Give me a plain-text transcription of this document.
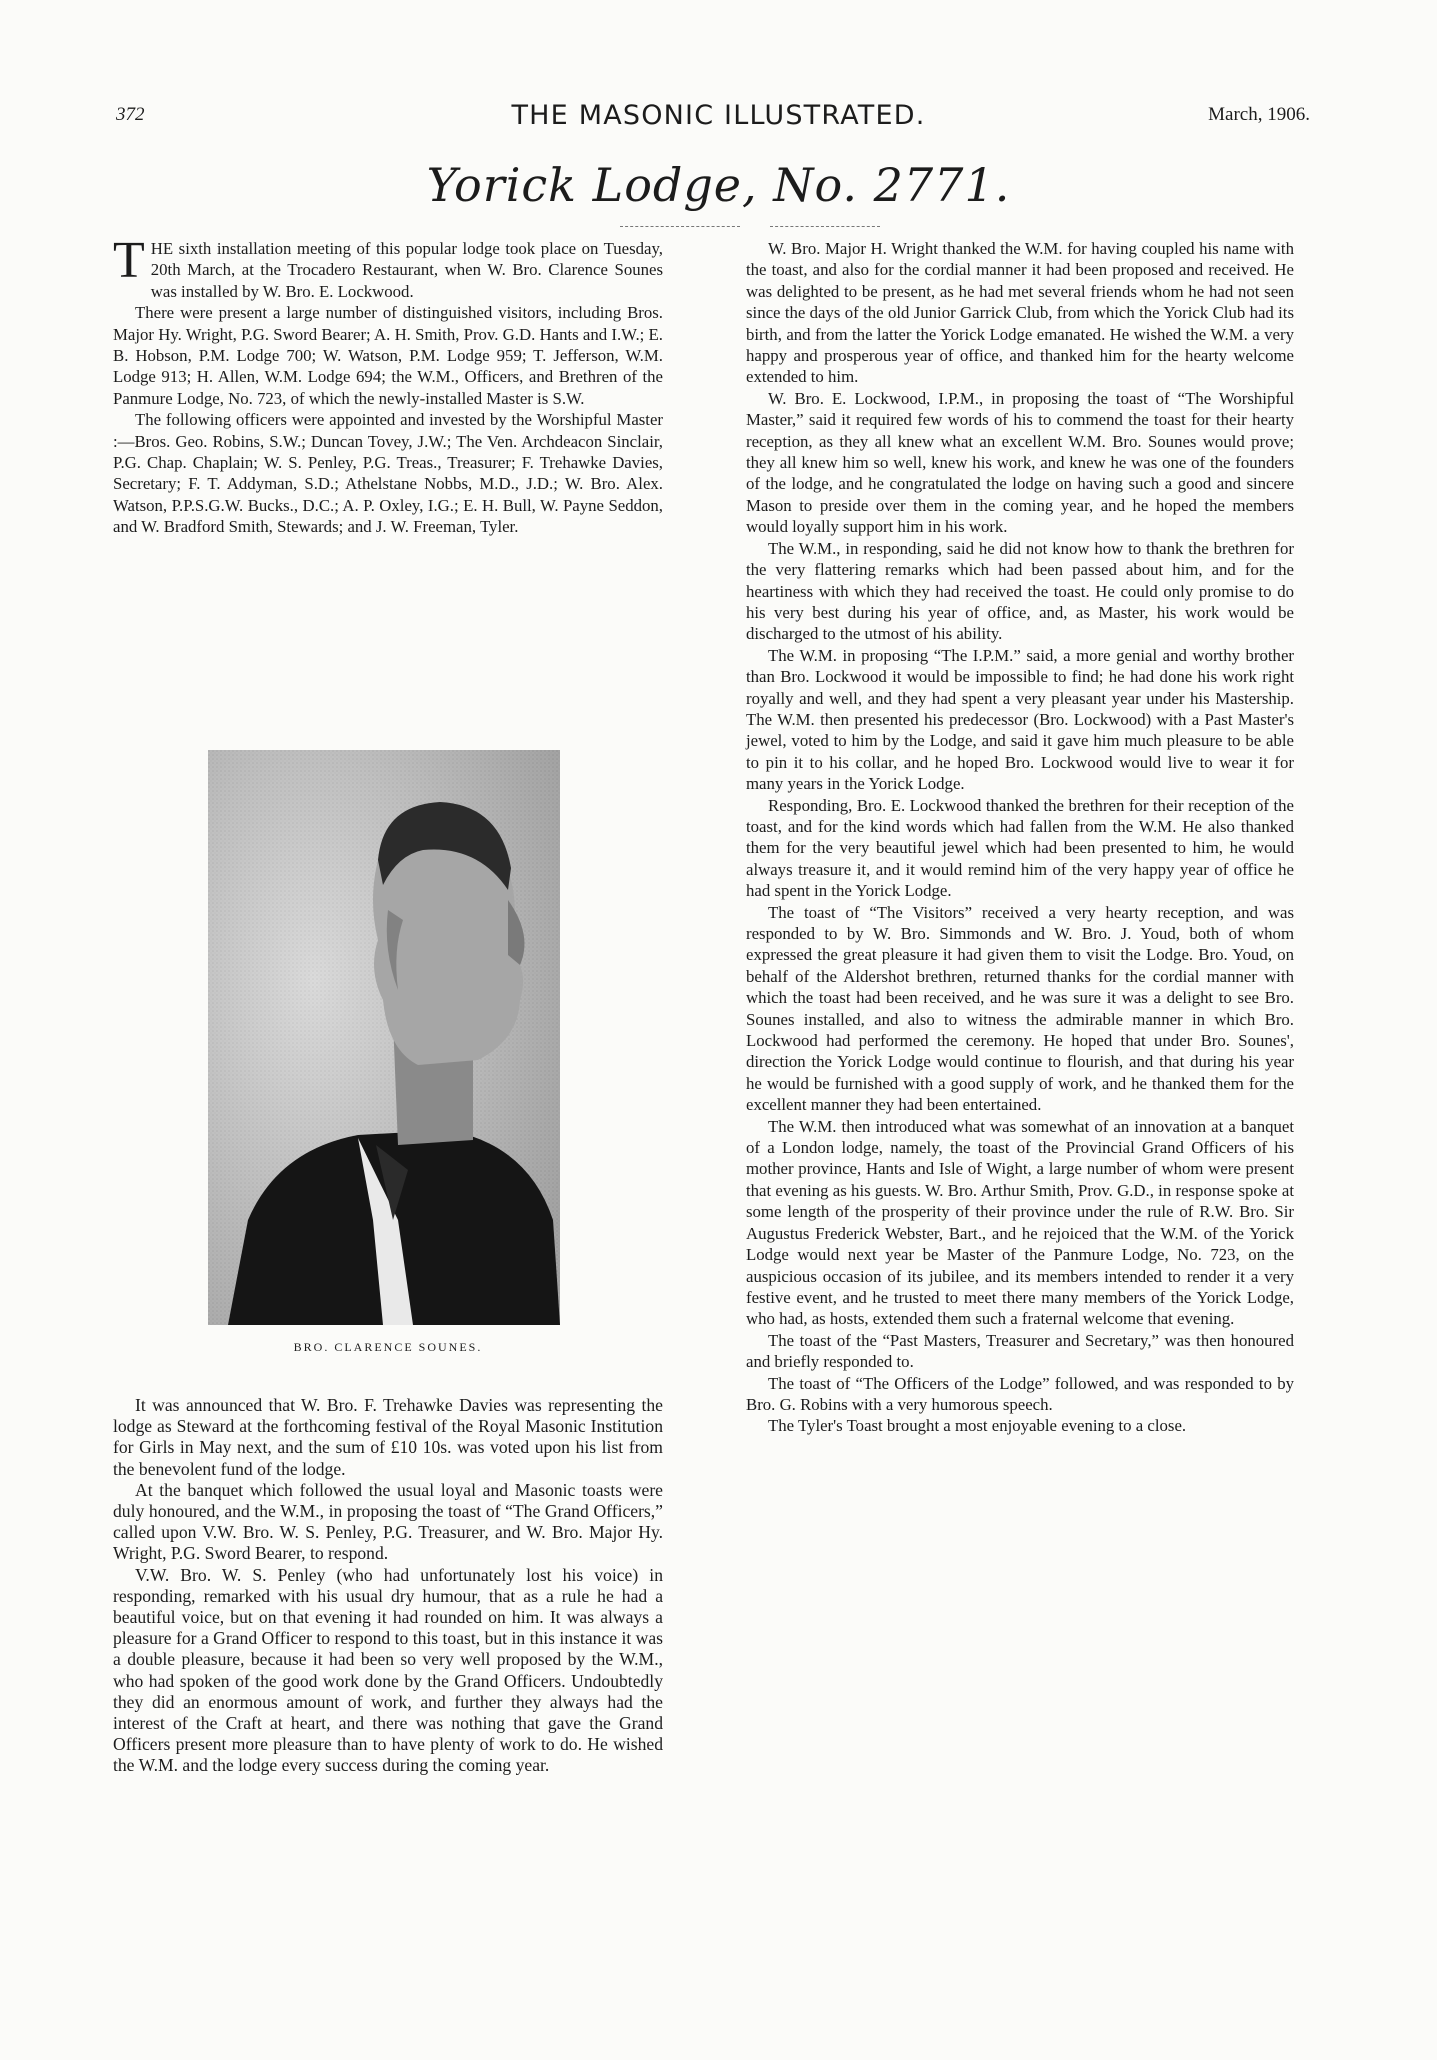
372	THE MASONIC ILLUSTRATED.	March, 1906.
Yorick Lodge, No. 2771.

THE sixth installation meeting of this popular lodge took place on Tuesday, 20th March, at the Trocadero Restaurant, when W. Bro. Clarence Sounes was installed by W. Bro. E. Lockwood.

There were present a large number of distinguished visitors, including Bros. Major Hy. Wright, P.G. Sword Bearer; A. H. Smith, Prov. G.D. Hants and I.W.; E. B. Hobson, P.M. Lodge 700; W. Watson, P.M. Lodge 959; T. Jefferson, W.M. Lodge 913; H. Allen, W.M. Lodge 694; the W.M., Officers, and Brethren of the Panmure Lodge, No. 723, of which the newly-installed Master is S.W.

The following officers were appointed and invested by the Worshipful Master :—Bros. Geo. Robins, S.W.; Duncan Tovey, J.W.; The Ven. Archdeacon Sinclair, P.G. Chap. Chaplain; W. S. Penley, P.G. Treas., Treasurer; F. Trehawke Davies, Secretary; F. T. Addyman, S.D.; Athelstane Nobbs, M.D., J.D.; W. Bro. Alex. Watson, P.P.S.G.W. Bucks., D.C.; A. P. Oxley, I.G.; E. H. Bull, W. Payne Seddon, and W. Bradford Smith, Stewards; and J. W. Freeman, Tyler.

BRO. CLARENCE SOUNES.

It was announced that W. Bro. F. Trehawke Davies was representing the lodge as Steward at the forthcoming festival of the Royal Masonic Institution for Girls in May next, and the sum of £10 10s. was voted upon his list from the benevolent fund of the lodge.

At the banquet which followed the usual loyal and Masonic toasts were duly honoured, and the W.M., in proposing the toast of “The Grand Officers,” called upon V.W. Bro. W. S. Penley, P.G. Treasurer, and W. Bro. Major Hy. Wright, P.G. Sword Bearer, to respond.

V.W. Bro. W. S. Penley (who had unfortunately lost his voice) in responding, remarked with his usual dry humour, that as a rule he had a beautiful voice, but on that evening it had rounded on him. It was always a pleasure for a Grand Officer to respond to this toast, but in this instance it was a double pleasure, because it had been so very well proposed by the W.M., who had spoken of the good work done by the Grand Officers. Undoubtedly they did an enormous amount of work, and further they always had the interest of the Craft at heart, and there was nothing that gave the Grand Officers present more pleasure than to have plenty of work to do. He wished the W.M. and the lodge every success during the coming year.

W. Bro. Major H. Wright thanked the W.M. for having coupled his name with the toast, and also for the cordial manner it had been proposed and received. He was delighted to be present, as he had met several friends whom he had not seen since the days of the old Junior Garrick Club, from which the Yorick Club had its birth, and from the latter the Yorick Lodge emanated. He wished the W.M. a very happy and prosperous year of office, and thanked him for the hearty welcome extended to him.

W. Bro. E. Lockwood, I.P.M., in proposing the toast of “The Worshipful Master,” said it required few words of his to commend the toast for their hearty reception, as they all knew what an excellent W.M. Bro. Sounes would prove; they all knew him so well, knew his work, and knew he was one of the founders of the lodge, and he congratulated the lodge on having such a good and sincere Mason to preside over them in the coming year, and he hoped the members would loyally support him in his work.

The W.M., in responding, said he did not know how to thank the brethren for the very flattering remarks which had been passed about him, and for the heartiness with which they had received the toast. He could only promise to do his very best during his year of office, and, as Master, his work would be discharged to the utmost of his ability.

The W.M. in proposing “The I.P.M.” said, a more genial and worthy brother than Bro. Lockwood it would be impossible to find; he had done his work right royally and well, and they had spent a very pleasant year under his Mastership. The W.M. then presented his predecessor (Bro. Lockwood) with a Past Master's jewel, voted to him by the Lodge, and said it gave him much pleasure to be able to pin it to his collar, and he hoped Bro. Lockwood would live to wear it for many years in the Yorick Lodge.

Responding, Bro. E. Lockwood thanked the brethren for their reception of the toast, and for the kind words which had fallen from the W.M. He also thanked them for the very beautiful jewel which had been presented to him, he would always treasure it, and it would remind him of the very happy year of office he had spent in the Yorick Lodge.

The toast of “The Visitors” received a very hearty reception, and was responded to by W. Bro. Simmonds and W. Bro. J. Youd, both of whom expressed the great pleasure it had given them to visit the Lodge. Bro. Youd, on behalf of the Aldershot brethren, returned thanks for the cordial manner with which the toast had been received, and he was sure it was a delight to see Bro. Sounes installed, and also to witness the admirable manner in which Bro. Lockwood had performed the ceremony. He hoped that under Bro. Sounes', direction the Yorick Lodge would continue to flourish, and that during his year he would be furnished with a good supply of work, and he thanked them for the excellent manner they had been entertained.

The W.M. then introduced what was somewhat of an innovation at a banquet of a London lodge, namely, the toast of the Provincial Grand Officers of his mother province, Hants and Isle of Wight, a large number of whom were present that evening as his guests. W. Bro. Arthur Smith, Prov. G.D., in response spoke at some length of the prosperity of their province under the rule of R.W. Bro. Sir Augustus Frederick Webster, Bart., and he rejoiced that the W.M. of the Yorick Lodge would next year be Master of the Panmure Lodge, No. 723, on the auspicious occasion of its jubilee, and its members intended to render it a very festive event, and he trusted to meet there many members of the Yorick Lodge, who had, as hosts, extended them such a fraternal welcome that evening.

The toast of the “Past Masters, Treasurer and Secretary,” was then honoured and briefly responded to.

The toast of “The Officers of the Lodge” followed, and was responded to by Bro. G. Robins with a very humorous speech.

The Tyler's Toast brought a most enjoyable evening to a close.
